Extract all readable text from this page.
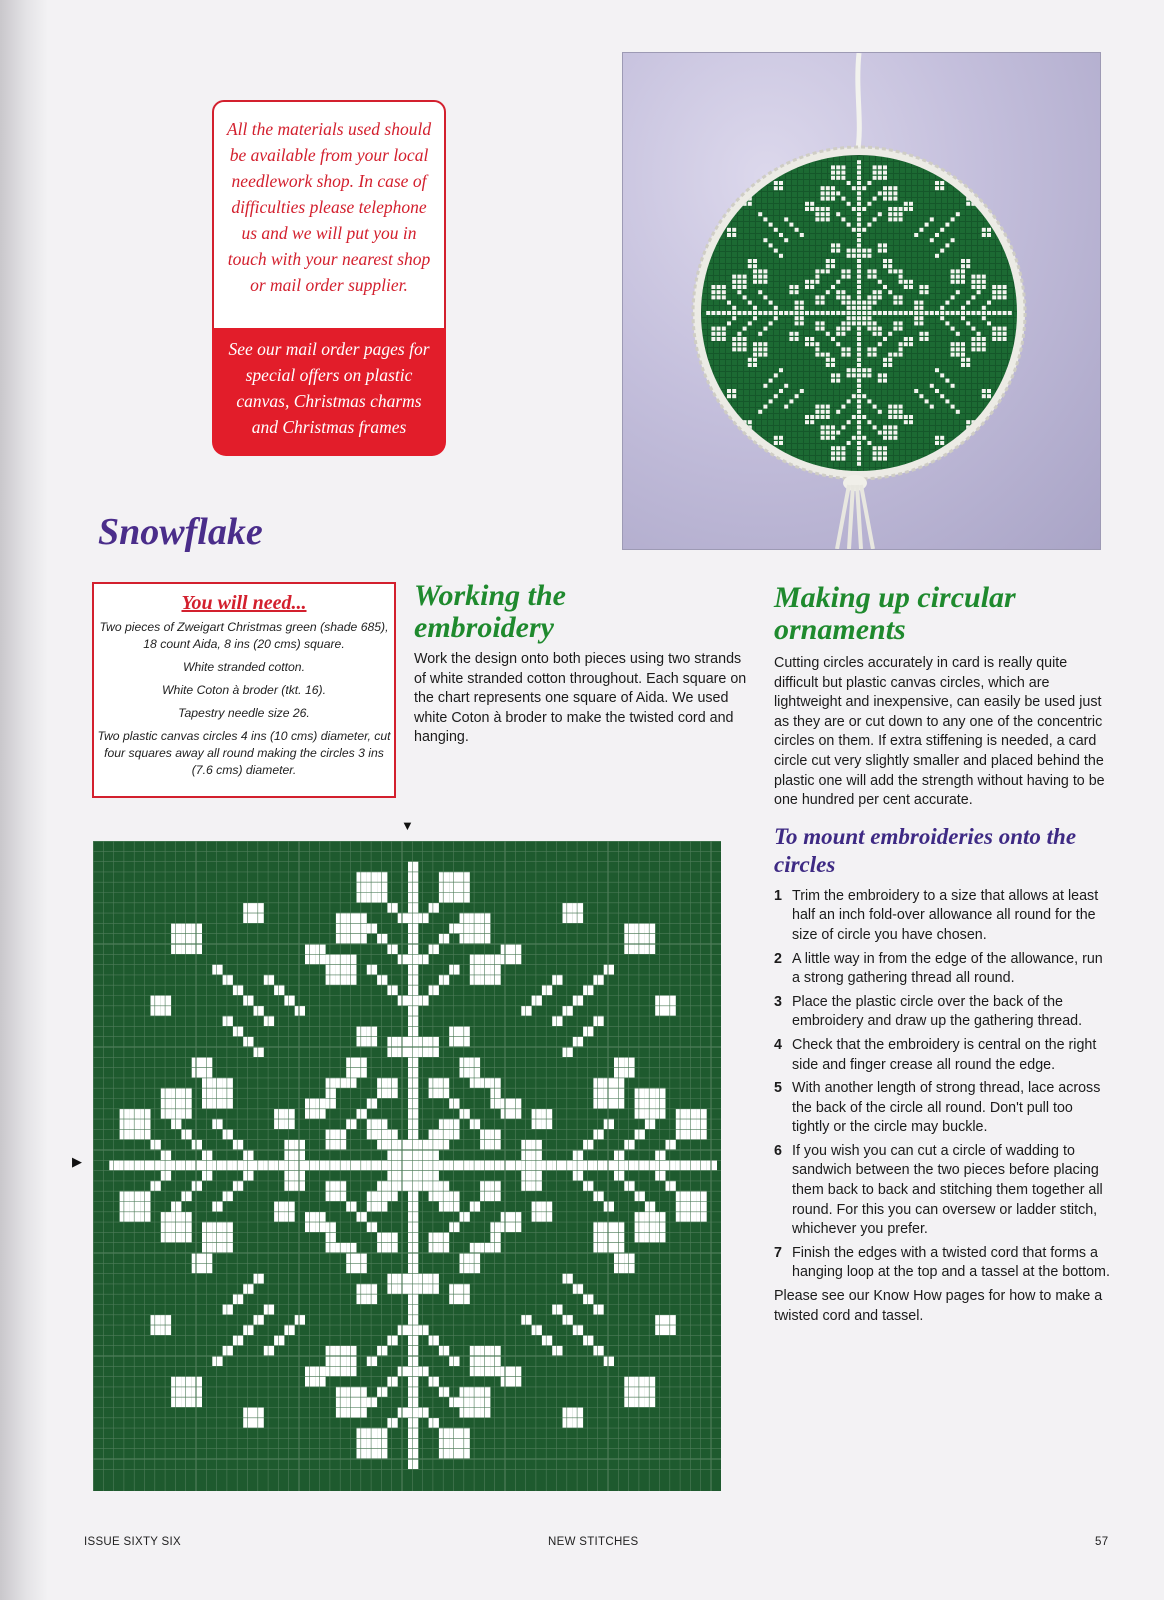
All the materials used should be available from your local needlework shop. In case of difficulties please telephone us and we will put you in touch with your nearest shop or mail order supplier.

See our mail order pages for special offers on plastic canvas, Christmas charms and Christmas frames

Snowflake
You will need...

Two pieces of Zweigart Christmas green (shade 685), 18 count Aida, 8 ins (20 cms) square.

White stranded cotton.

White Coton à broder (tkt. 16).

Tapestry needle size 26.

Two plastic canvas circles 4 ins (10 cms) diameter, cut four squares away all round making the circles 3 ins (7.6 cms) diameter.

Working the embroidery

Work the design onto both pieces using two strands of white stranded cotton throughout. Each square on the chart represents one square of Aida. We used white Coton à broder to make the twisted cord and hanging.

Making up circular ornaments

Cutting circles accurately in card is really quite difficult but plastic canvas circles, which are lightweight and inexpensive, can easily be used just as they are or cut down to any one of the concentric circles on them. If extra stiffening is needed, a card circle cut very slightly smaller and placed behind the plastic one will add the strength without having to be one hundred per cent accurate.

To mount embroideries onto the circles
1 Trim the embroidery to a size that allows at least half an inch fold-over allowance all round for the size of circle you have chosen.
2 A little way in from the edge of the allowance, run a strong gathering thread all round.
3 Place the plastic circle over the back of the embroidery and draw up the gathering thread.
4 Check that the embroidery is central on the right side and finger crease all round the edge.
5 With another length of strong thread, lace across the back of the circle all round. Don't pull too tightly or the circle may buckle.
6 If you wish you can cut a circle of wadding to sandwich between the two pieces before placing them back to back and stitching them together all round. For this you can oversew or ladder stitch, whichever you prefer.
7 Finish the edges with a twisted cord that forms a hanging loop at the top and a tassel at the bottom.

Please see our Know How pages for how to make a twisted cord and tassel.

▼
▶
ISSUE SIXTY SIX	NEW STITCHES	57
